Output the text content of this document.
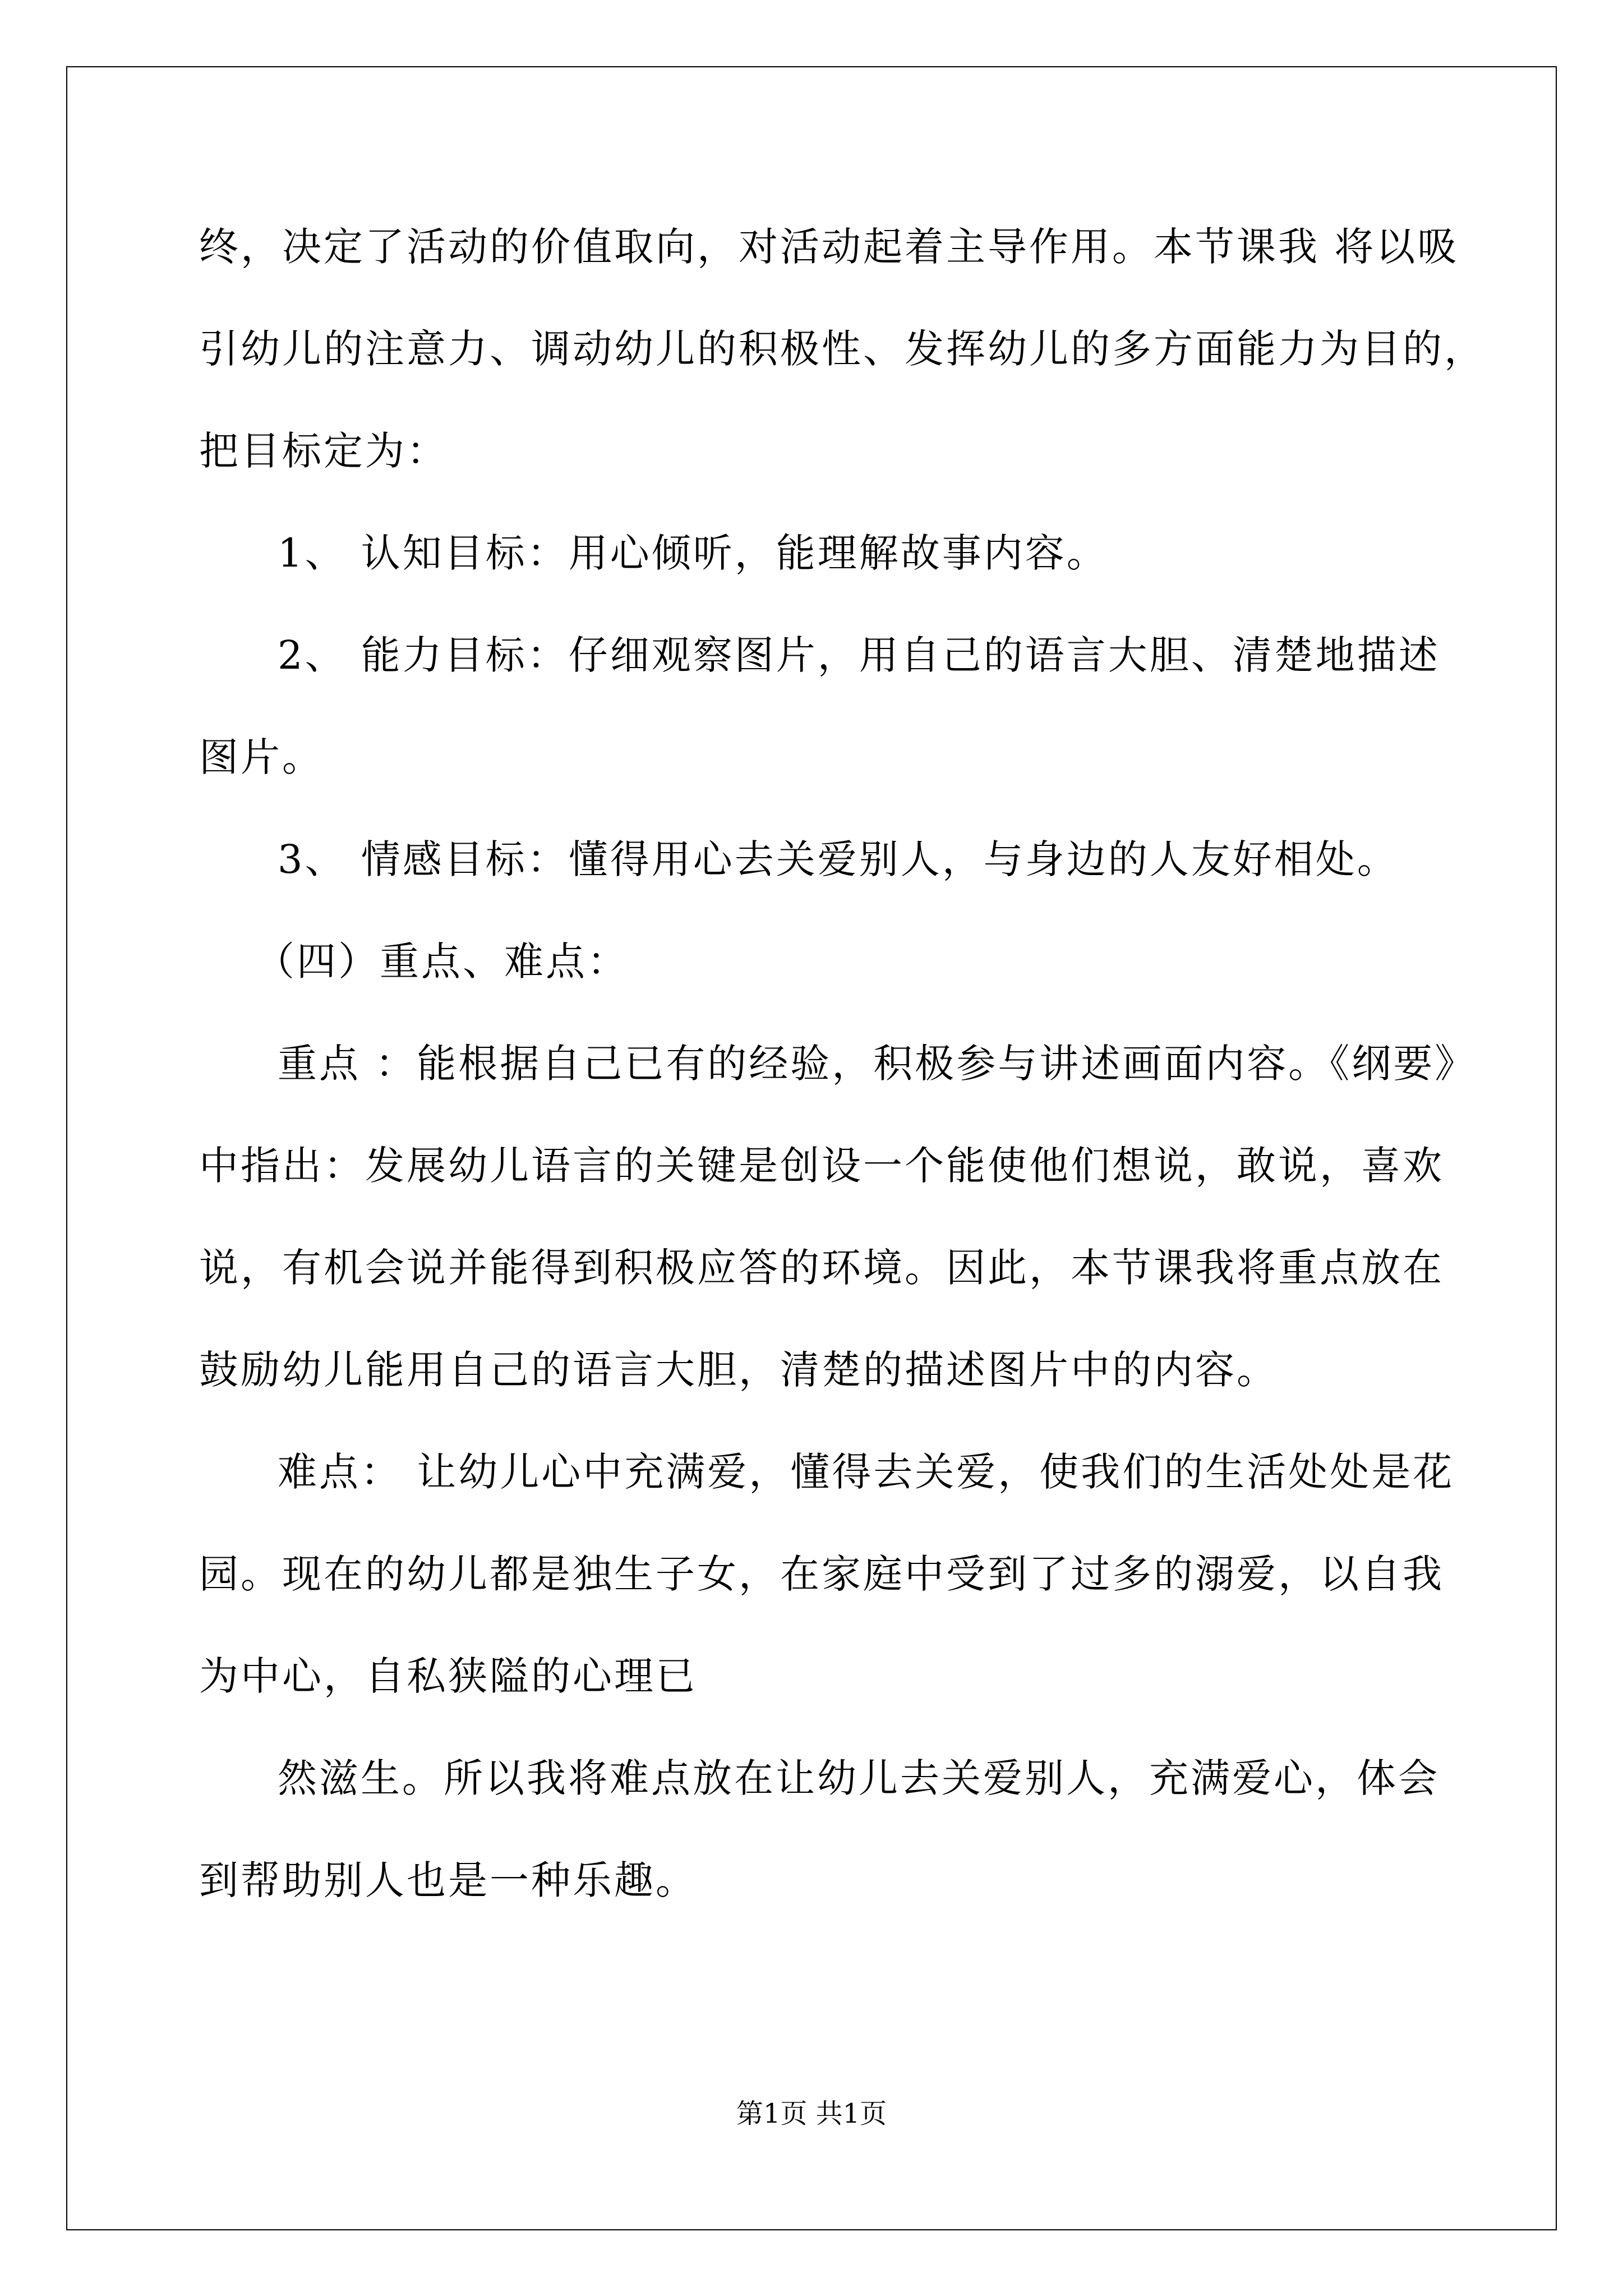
终，决定了活动的价值取向，对活动起着主导作用。本节课我 将以吸
引幼儿的注意力、调动幼儿的积极性、发挥幼儿的多方面能力为目的，
把目标定为：
1、 认知目标：用心倾听，能理解故事内容。
2、 能力目标：仔细观察图片，用自己的语言大胆、清楚地描述
图片。
3、 情感目标：懂得用心去关爱别人，与身边的人友好相处。
（四）重点、难点：
重点 ：能根据自己已有的经验，积极参与讲述画面内容。《纲要》
中指出：发展幼儿语言的关键是创设一个能使他们想说，敢说，喜欢
说，有机会说并能得到积极应答的环境。因此，本节课我将重点放在
鼓励幼儿能用自己的语言大胆，清楚的描述图片中的内容。
难点： 让幼儿心中充满爱，懂得去关爱，使我们的生活处处是花
园。现在的幼儿都是独生子女，在家庭中受到了过多的溺爱，以自我
为中心，自私狭隘的心理已
然滋生。所以我将难点放在让幼儿去关爱别人，充满爱心，体会
到帮助别人也是一种乐趣。
第1页 共1页
